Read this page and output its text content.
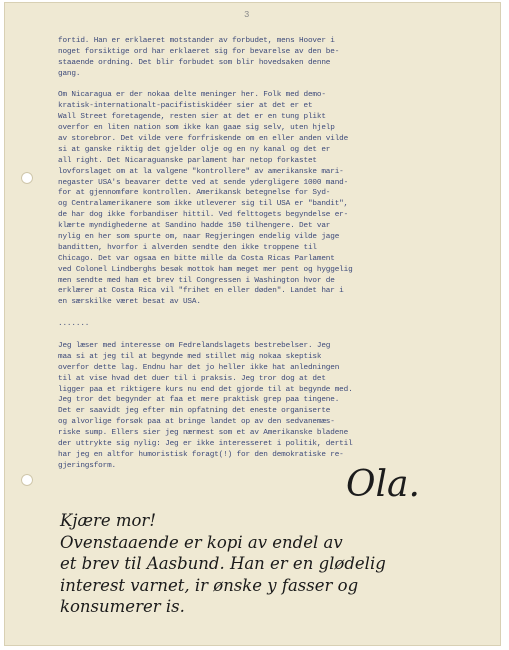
3
fortid. Han er erklaeret motstander av forbudet, mens Hoover i
noget forsiktige ord har erklaeret sig for bevarelse av den be-
staaende ordning. Det blir forbudet som blir hovedsaken denne
gang.
Om Nicaragua er der nokaa delte meninger her. Folk med demo-
kratisk-internationalt-pacifistiskidéer sier at det er et
Wall Street foretagende, resten sier at det er en tung plikt
overfor en liten nation som ikke kan gaae sig selv, uten hjelp
av storebror. Det vilde vere forfriskende om en eller anden vilde
si at ganske riktig det gjelder olje og en ny kanal og det er
all right. Det Nicaraguanske parlament har netop forkastet
lovforslaget om at la valgene "kontrollere" av amerikanske mari-
negaster USA's beavarer dette ved at sende ydergligere 1000 mand-
for at gjennomføre kontrollen. Amerikansk betegnelse for Syd-
og Centralamerikanere som ikke utleverer sig til USA er "bandit",
de har dog ikke forbandiser hittil. Ved felttogets begyndelse er-
klærte myndighederne at Sandino hadde 150 tilhengere. Det var
nylig en her som spurte om, naar Regjeringen endelig vilde jage
banditten, hvorfor i alverden sendte den ikke troppene til
Chicago. Det var ogsaa en bitte mille da Costa Ricas Parlament
ved Colonel Lindberghs besøk mottok ham meget mer pent og hyggelig
men sendte med ham et brev til Congressen i Washington hvor de
erklærer at Costa Rica vil "frihet en eller døden". Landet har i
en særskilke været besat av USA.
.......
Jeg læser med interesse om Fedrelandslagets bestrebelser. Jeg
maa si at jeg til at begynde med stillet mig nokaa skeptisk
overfor dette lag. Endnu har det jo heller ikke hat anledningen
til at vise hvad det duer til i praksis. Jeg tror dog at det
ligger paa et riktigere kurs nu end det gjorde til at begynde med.
Jeg tror det begynder at faa et mere praktisk grep paa tingene.
Det er saavidt jeg efter min opfatning det eneste organiserte
og alvorlige forsøk paa at bringe landet op av den sedvanemæs-
riske sump. Ellers sier jeg nærmest som et av Amerikanske bladene
der uttrykte sig nylig: Jeg er ikke interesseret i politik, dertil
har jeg en altfor humoristisk foragt(!) for den demokratiske re-
gjeringsform.	Ola.
Kjære mor!
Ovenstaaende er kopi av endel av
et brev til Aasbund. Han er en glødelig
interest varnet, ir ønske y fasser og
konsumerer is.
